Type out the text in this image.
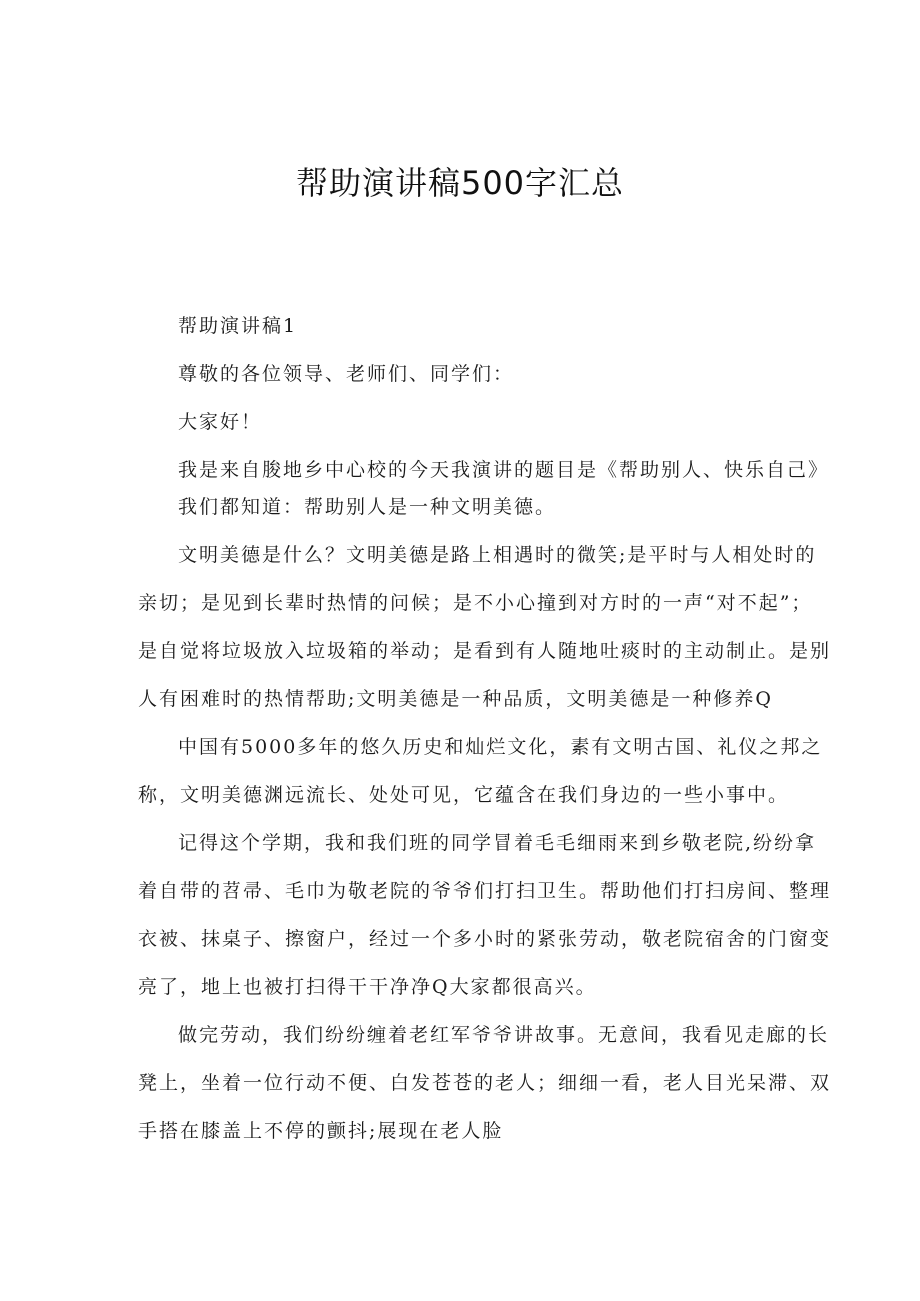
帮助演讲稿500字汇总
帮助演讲稿1
尊敬的各位领导、老师们、同学们：
大家好！
我是来自朘地乡中心校的今天我演讲的题目是《帮助别人、快乐自己》
我们都知道：帮助别人是一种文明美德。
文明美德是什么？文明美德是路上相遇时的微笑;是平时与人相处时的
亲切；是见到长辈时热情的问候；是不小心撞到对方时的一声“对不起”；
是自觉将垃圾放入垃圾箱的举动；是看到有人随地吐痰时的主动制止。是别
人有困难时的热情帮助;文明美德是一种品质，文明美德是一种修养Q
中国有5000多年的悠久历史和灿烂文化，素有文明古国、礼仪之邦之
称，文明美德渊远流长、处处可见，它蕴含在我们身边的一些小事中。
记得这个学期，我和我们班的同学冒着毛毛细雨来到乡敬老院,纷纷拿
着自带的苕帚、毛巾为敬老院的爷爷们打扫卫生。帮助他们打扫房间、整理
衣被、抹桌子、擦窗户，经过一个多小时的紧张劳动，敬老院宿舍的门窗变
亮了，地上也被打扫得干干净净Q大家都很高兴。
做完劳动，我们纷纷缠着老红军爷爷讲故事。无意间，我看见走廊的长
凳上，坐着一位行动不便、白发苍苍的老人；细细一看，老人目光呆滞、双
手搭在膝盖上不停的颤抖;展现在老人脸
